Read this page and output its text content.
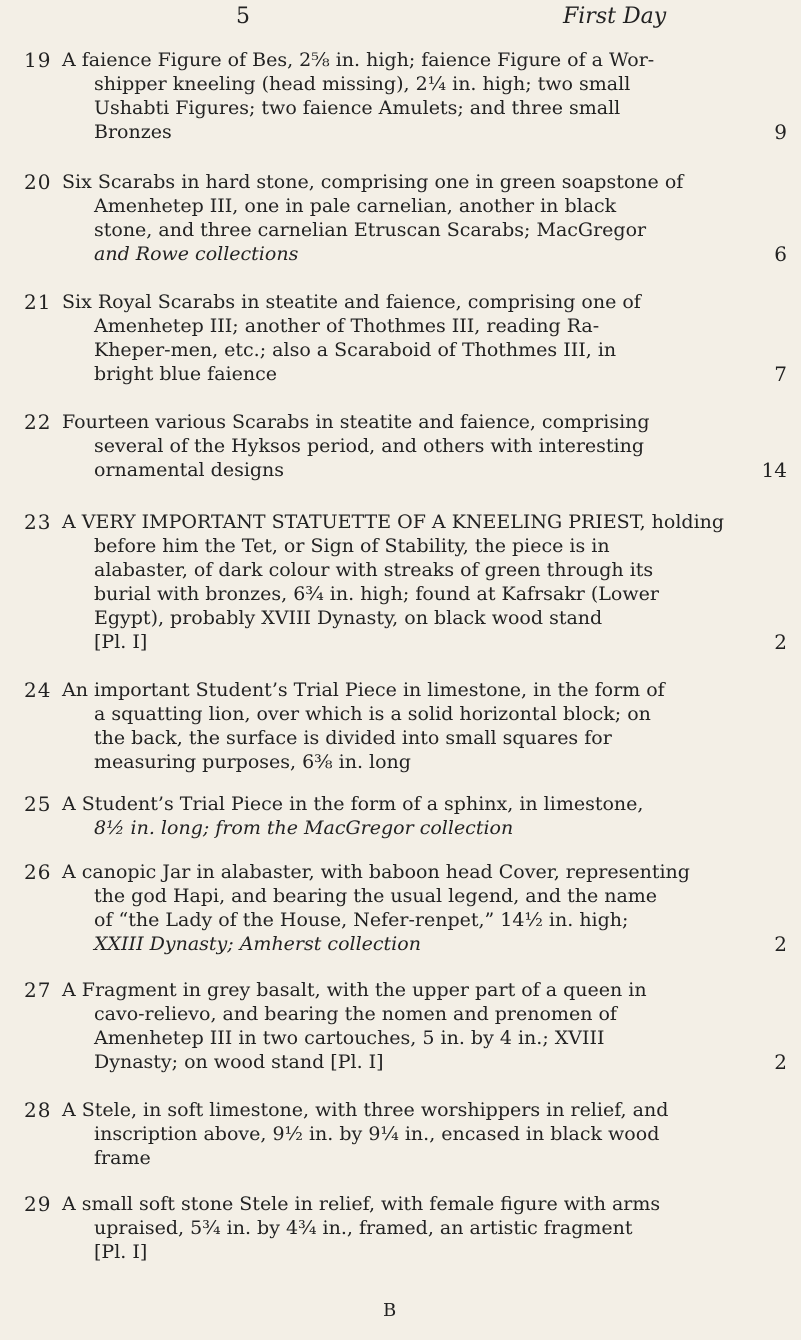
5	First Day
19 A faience Figure of Bes, 2⅝ in. high; faience Figure of a Wor-
shipper kneeling (head missing), 2¼ in. high; two small
Ushabti Figures; two faience Amulets; and three small
Bronzes	9
20 Six Scarabs in hard stone, comprising one in green soapstone of
Amenhetep III, one in pale carnelian, another in black
stone, and three carnelian Etruscan Scarabs; MacGregor
and Rowe collections	6
21 Six Royal Scarabs in steatite and faience, comprising one of
Amenhetep III; another of Thothmes III, reading Ra-
Kheper-men, etc.; also a Scaraboid of Thothmes III, in
bright blue faience	7
22 Fourteen various Scarabs in steatite and faience, comprising
several of the Hyksos period, and others with interesting
ornamental designs	14
23 A VERY IMPORTANT STATUETTE OF A KNEELING PRIEST, holding
before him the Tet, or Sign of Stability, the piece is in
alabaster, of dark colour with streaks of green through its
burial with bronzes, 6¾ in. high; found at Kafrsakr (Lower
Egypt), probably XVIII Dynasty, on black wood stand
[Pl. I]	2
24 An important Student’s Trial Piece in limestone, in the form of
a squatting lion, over which is a solid horizontal block; on
the back, the surface is divided into small squares for
measuring purposes, 6⅜ in. long
25 A Student’s Trial Piece in the form of a sphinx, in limestone,
8½ in. long; from the MacGregor collection
26 A canopic Jar in alabaster, with baboon head Cover, representing
the god Hapi, and bearing the usual legend, and the name
of “the Lady of the House, Nefer-renpet,” 14½ in. high;
XXIII Dynasty; Amherst collection	2
27 A Fragment in grey basalt, with the upper part of a queen in
cavo-relievo, and bearing the nomen and prenomen of
Amenhetep III in two cartouches, 5 in. by 4 in.; XVIII
Dynasty; on wood stand [Pl. I]	2
28 A Stele, in soft limestone, with three worshippers in relief, and
inscription above, 9½ in. by 9¼ in., encased in black wood
frame
29 A small soft stone Stele in relief, with female figure with arms
upraised, 5¾ in. by 4¾ in., framed, an artistic fragment
[Pl. I]
B
